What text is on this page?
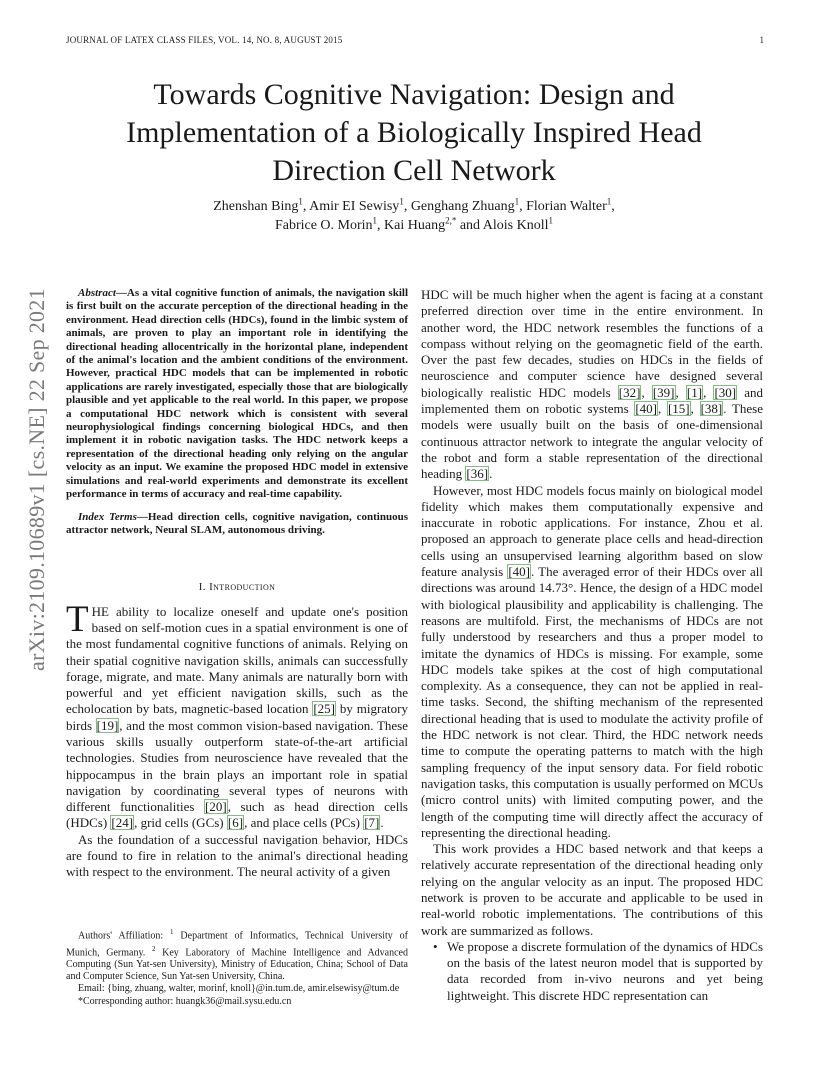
JOURNAL OF LATEX CLASS FILES, VOL. 14, NO. 8, AUGUST 2015	1
arXiv:2109.10689v1 [cs.NE] 22 Sep 2021
Towards Cognitive Navigation: Design and Implementation of a Biologically Inspired Head Direction Cell Network
Zhenshan Bing$^1$, Amir EI Sewisy$^1$, Genghang Zhuang$^1$, Florian Walter$^1$,
Fabrice O. Morin$^1$, Kai Huang$^{2,*}$ and Alois Knoll$^1$

Abstract—As a vital cognitive function of animals, the navigation skill is first built on the accurate perception of the directional heading in the environment. Head direction cells (HDCs), found in the limbic system of animals, are proven to play an important role in identifying the directional heading allocentrically in the horizontal plane, independent of the animal's location and the ambient conditions of the environment. However, practical HDC models that can be implemented in robotic applications are rarely investigated, especially those that are biologically plausible and yet applicable to the real world. In this paper, we propose a computational HDC network which is consistent with several neurophysiological findings concerning biological HDCs, and then implement it in robotic navigation tasks. The HDC network keeps a representation of the directional heading only relying on the angular velocity as an input. We examine the proposed HDC model in extensive simulations and real-world experiments and demonstrate its excellent performance in terms of accuracy and real-time capability.

Index Terms—Head direction cells, cognitive navigation, continuous attractor network, Neural SLAM, autonomous driving.

I. Introduction

THE ability to localize oneself and update one's position based on self-motion cues in a spatial environment is one of the most fundamental cognitive functions of animals. Relying on their spatial cognitive navigation skills, animals can successfully forage, migrate, and mate. Many animals are naturally born with powerful and yet efficient navigation skills, such as the echolocation by bats, magnetic-based location [25] by migratory birds [19], and the most common vision-based navigation. These various skills usually outperform state-of-the-art artificial technologies. Studies from neuroscience have revealed that the hippocampus in the brain plays an important role in spatial navigation by coordinating several types of neurons with different functionalities [20], such as head direction cells (HDCs) [24], grid cells (GCs) [6], and place cells (PCs) [7].

As the foundation of a successful navigation behavior, HDCs are found to fire in relation to the animal's directional heading with respect to the environment. The neural activity of a given

Authors' Affiliation: $^1$ Department of Informatics, Technical University of Munich, Germany. $^2$ Key Laboratory of Machine Intelligence and Advanced Computing (Sun Yat-sen University), Ministry of Education, China; School of Data and Computer Science, Sun Yat-sen University, China.

Email: {bing, zhuang, walter, morinf, knoll}@in.tum.de, amir.elsewisy@tum.de

*Corresponding author: huangk36@mail.sysu.edu.cn

HDC will be much higher when the agent is facing at a constant preferred direction over time in the entire environment. In another word, the HDC network resembles the functions of a compass without relying on the geomagnetic field of the earth. Over the past few decades, studies on HDCs in the fields of neuroscience and computer science have designed several biologically realistic HDC models [32], [39], [1], [30] and implemented them on robotic systems [40], [15], [38]. These models were usually built on the basis of one-dimensional continuous attractor network to integrate the angular velocity of the robot and form a stable representation of the directional heading [36].

However, most HDC models focus mainly on biological model fidelity which makes them computationally expensive and inaccurate in robotic applications. For instance, Zhou et al. proposed an approach to generate place cells and head-direction cells using an unsupervised learning algorithm based on slow feature analysis [40]. The averaged error of their HDCs over all directions was around 14.73°. Hence, the design of a HDC model with biological plausibility and applicability is challenging. The reasons are multifold. First, the mechanisms of HDCs are not fully understood by researchers and thus a proper model to imitate the dynamics of HDCs is missing. For example, some HDC models take spikes at the cost of high computational complexity. As a consequence, they can not be applied in real-time tasks. Second, the shifting mechanism of the represented directional heading that is used to modulate the activity profile of the HDC network is not clear. Third, the HDC network needs time to compute the operating patterns to match with the high sampling frequency of the input sensory data. For field robotic navigation tasks, this computation is usually performed on MCUs (micro control units) with limited computing power, and the length of the computing time will directly affect the accuracy of representing the directional heading.

This work provides a HDC based network and that keeps a relatively accurate representation of the directional heading only relying on the angular velocity as an input. The proposed HDC network is proven to be accurate and applicable to be used in real-world robotic implementations. The contributions of this work are summarized as follows.

• We propose a discrete formulation of the dynamics of HDCs on the basis of the latest neuron model that is supported by data recorded from in-vivo neurons and yet being lightweight. This discrete HDC representation can
